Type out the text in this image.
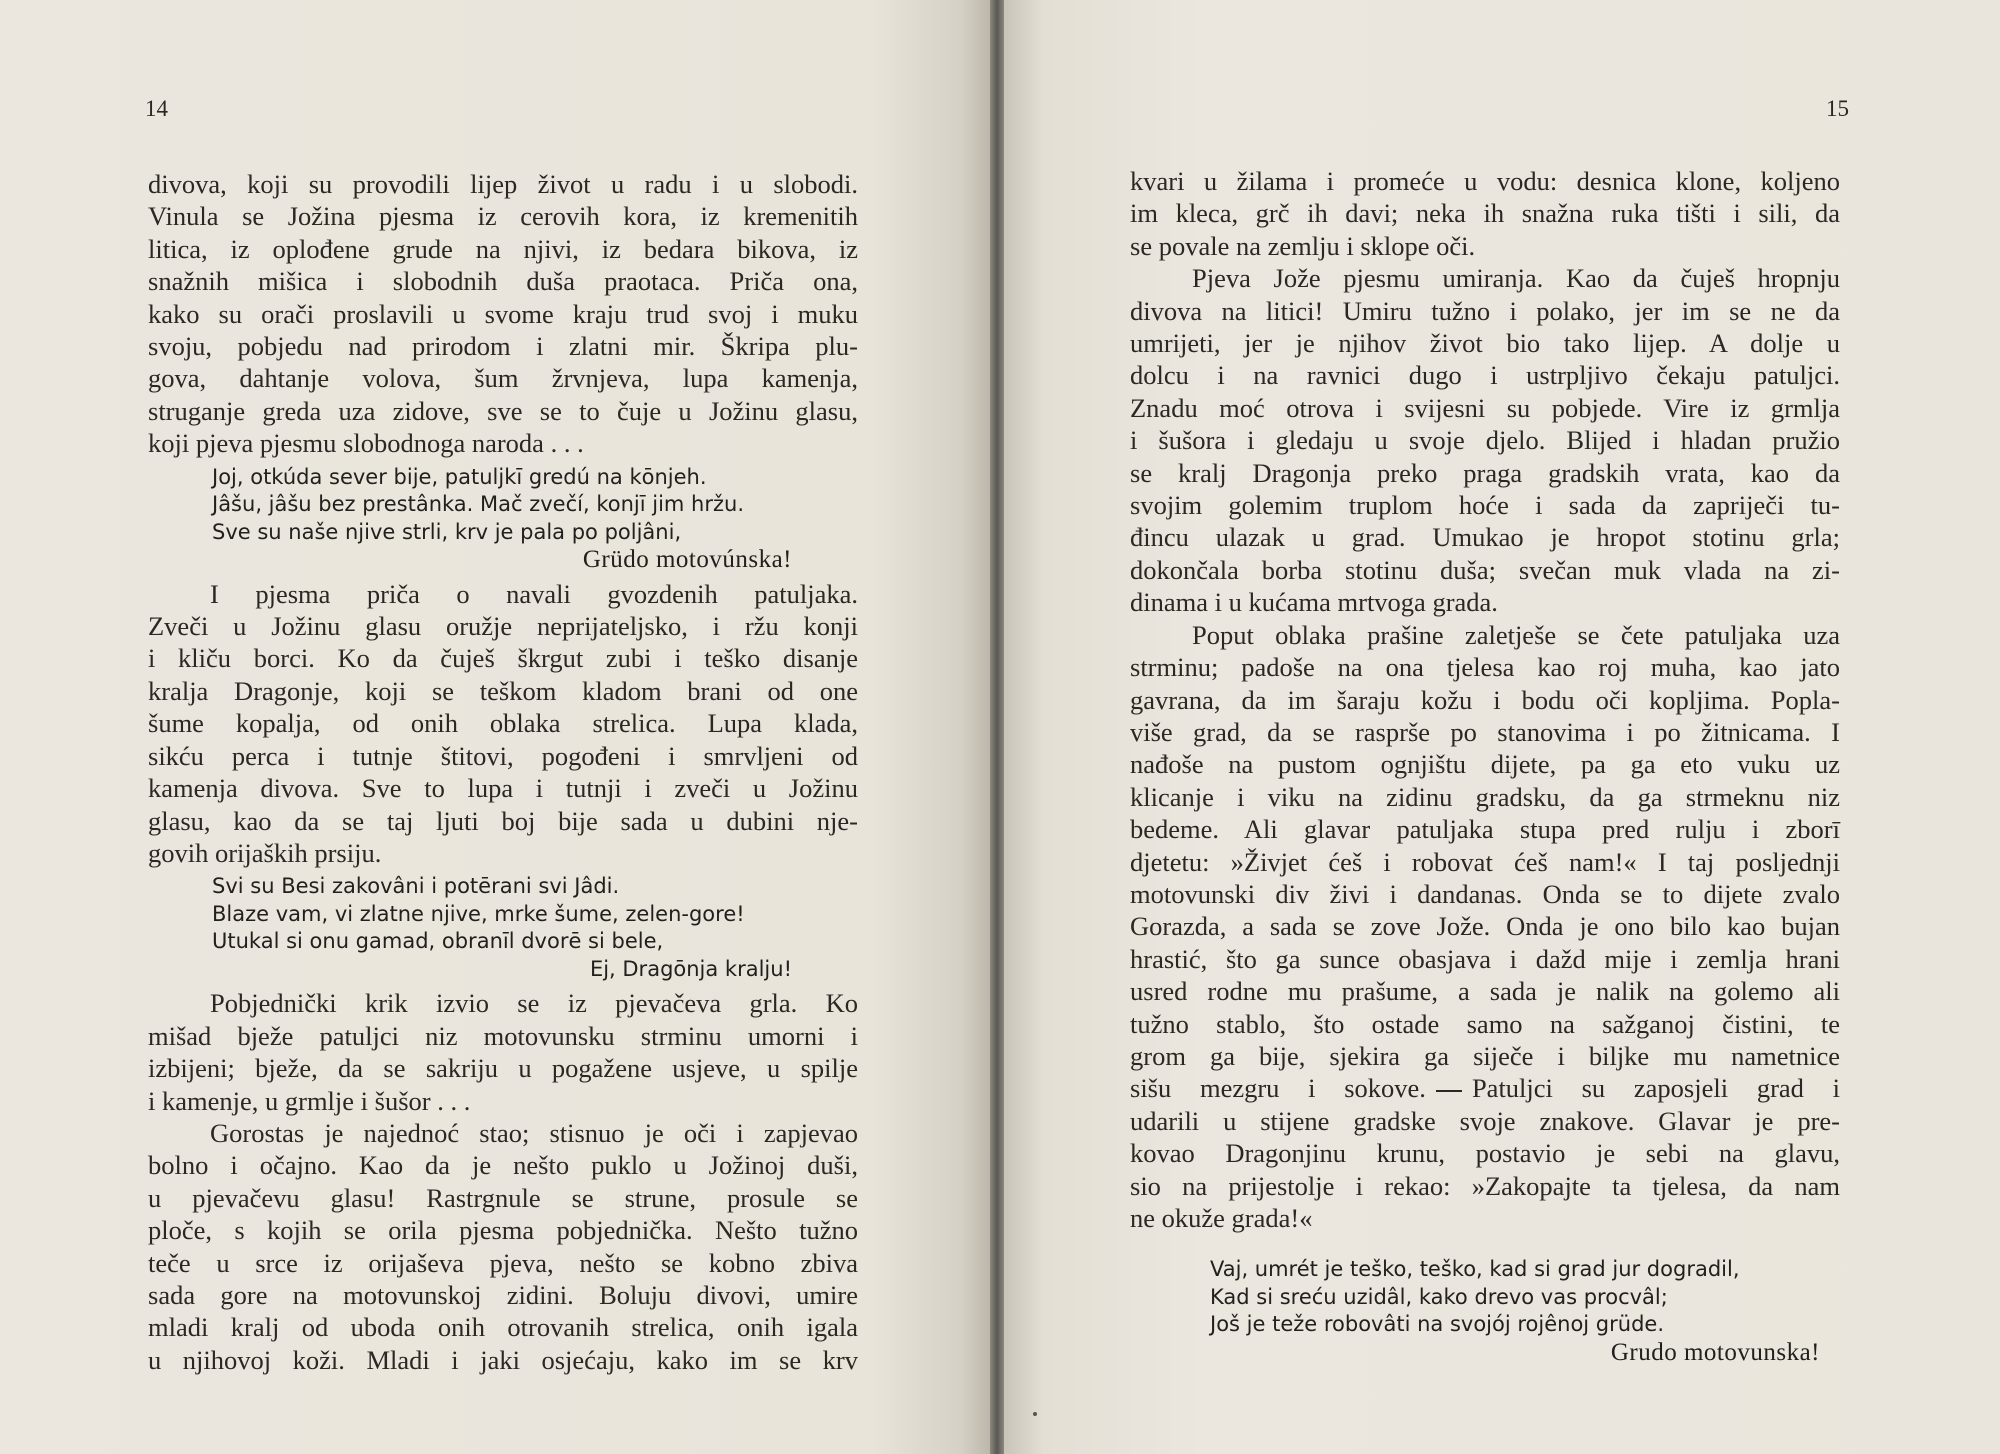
14
divova, koji su provodili lijep život u radu i u slobodi.
Vinula se Jožina pjesma iz cerovih kora, iz kremenitih
litica, iz oplođene grude na njivi, iz bedara bikova, iz
snažnih mišica i slobodnih duša praotaca. Priča ona,
kako su orači proslavili u svome kraju trud svoj i muku
svoju, pobjedu nad prirodom i zlatni mir. Škripa plu-
gova, dahtanje volova, šum žrvnjeva, lupa kamenja,
struganje greda uza zidove, sve se to čuje u Jožinu glasu,
koji pjeva pjesmu slobodnoga naroda . . .
Joj, otkúda sever bije, patuljkī gredú na kōnjeh.
Jâšu, jâšu bez prestânka. Mač zvečí, konjī jim hržu.
Sve su naše njive strli, krv je pala po poljâni,
Grüdo motovúnska!
I pjesma priča o navali gvozdenih patuljaka.
Zveči u Jožinu glasu oružje neprijateljsko, i ržu konji
i kliču borci. Ko da čuješ škrgut zubi i teško disanje
kralja Dragonje, koji se teškom kladom brani od one
šume kopalja, od onih oblaka strelica. Lupa klada,
sikću perca i tutnje štitovi, pogođeni i smrvljeni od
kamenja divova. Sve to lupa i tutnji i zveči u Jožinu
glasu, kao da se taj ljuti boj bije sada u dubini nje-
govih orijaških prsiju.
Svi su Besi zakovâni i potērani svi Jâdi.
Blaze vam, vi zlatne njive, mrke šume, zelen-gore!
Utukal si onu gamad, obranīl dvorē si bele,
Ej, Dragōnja kralju!
Pobjednički krik izvio se iz pjevačeva grla. Ko
mišad bježe patuljci niz motovunsku strminu umorni i
izbijeni; bježe, da se sakriju u pogažene usjeve, u spilje
i kamenje, u grmlje i šušor . . .
Gorostas je najednoć stao; stisnuo je oči i zapjevao
bolno i očajno. Kao da je nešto puklo u Jožinoj duši,
u pjevačevu glasu! Rastrgnule se strune, prosule se
ploče, s kojih se orila pjesma pobjednička. Nešto tužno
teče u srce iz orijaševa pjeva, nešto se kobno zbiva
sada gore na motovunskoj zidini. Boluju divovi, umire
mladi kralj od uboda onih otrovanih strelica, onih igala
u njihovoj koži. Mladi i jaki osjećaju, kako im se krv
15
kvari u žilama i promeće u vodu: desnica klone, koljeno
im kleca, grč ih davi; neka ih snažna ruka tišti i sili, da
se povale na zemlju i sklope oči.
Pjeva Jože pjesmu umiranja. Kao da čuješ hropnju
divova na litici! Umiru tužno i polako, jer im se ne da
umrijeti, jer je njihov život bio tako lijep. A dolje u
dolcu i na ravnici dugo i ustrpljivo čekaju patuljci.
Znadu moć otrova i svijesni su pobjede. Vire iz grmlja
i šušora i gledaju u svoje djelo. Blijed i hladan pružio
se kralj Dragonja preko praga gradskih vrata, kao da
svojim golemim truplom hoće i sada da zapriječi tu-
đincu ulazak u grad. Umukao je hropot stotinu grla;
dokončala borba stotinu duša; svečan muk vlada na zi-
dinama i u kućama mrtvoga grada.
Poput oblaka prašine zaletješe se čete patuljaka uza
strminu; padoše na ona tjelesa kao roj muha, kao jato
gavrana, da im šaraju kožu i bodu oči kopljima. Popla-
više grad, da se raspršе po stanovima i po žitnicama. I
nađoše na pustom ognjištu dijete, pa ga eto vuku uz
klicanje i viku na zidinu gradsku, da ga strmeknu niz
bedeme. Ali glavar patuljaka stupa pred rulju i zborī
djetetu: »Živjet ćeš i robovat ćeš nam!« I taj posljednji
motovunski div živi i dandanas. Onda se to dijete zvalo
Gorazda, a sada se zove Jože. Onda je ono bilo kao bujan
hrastić, što ga sunce obasjava i dažd mije i zemlja hrani
usred rodne mu prašume, a sada je nalik na golemo ali
tužno stablo, što ostade samo na sažganoj čistini, te
grom ga bije, sjekira ga siječe i biljke mu nametnice
sišu mezgru i sokove. Patuljci su zaposjeli grad i
udarili u stijene gradske svoje znakove. Glavar je pre-
kovao Dragonjinu krunu, postavio je sebi na glavu,
sio na prijestolje i rekao: »Zakopajte ta tjelesa, da nam
ne okuže grada!«
Vaj, umrét je teško, teško, kad si grad jur dogradil,
Kad si sreću uzidâl, kako drevo vas procvâl;
Još je teže robovâti na svojój rojênoj grüde.
Grudo motovunska!
